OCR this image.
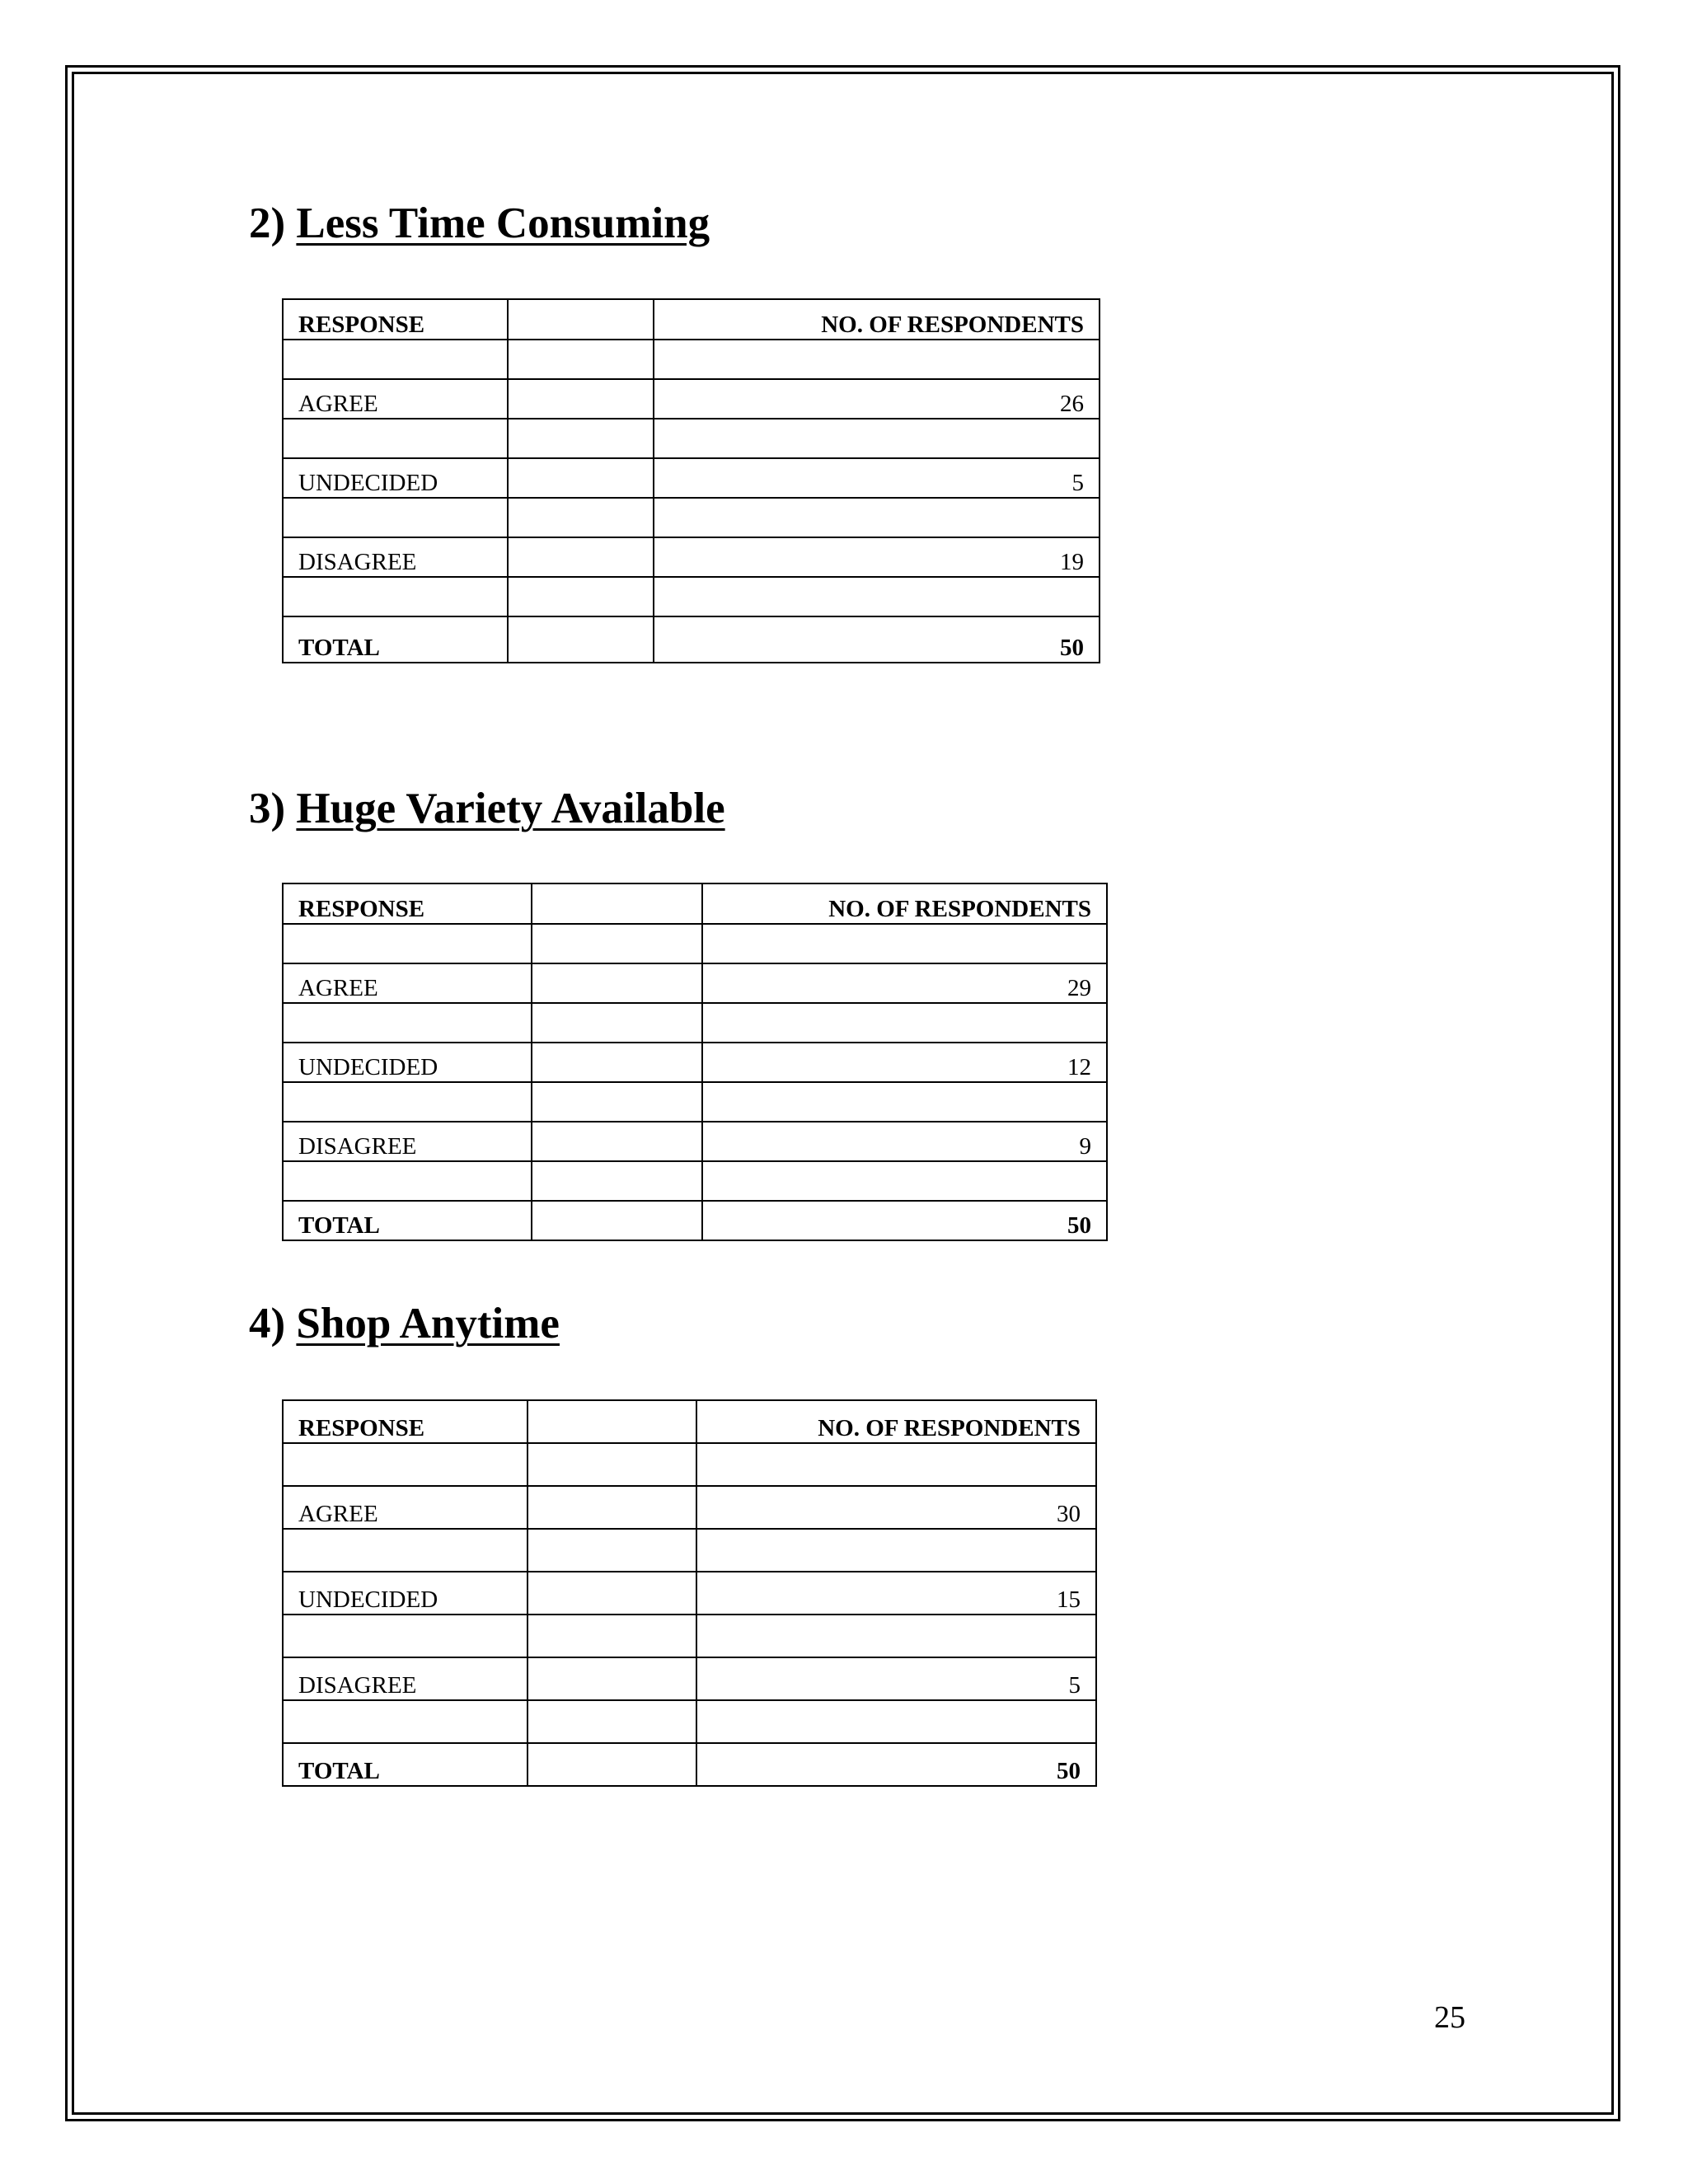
2) Less Time Consuming
RESPONSE		NO. OF RESPONDENTS

AGREE		26

UNDECIDED		5

DISAGREE		19

TOTAL		50
3) Huge Variety Available
RESPONSE		NO. OF RESPONDENTS

AGREE		29

UNDECIDED		12

DISAGREE		9

TOTAL		50
4) Shop Anytime
RESPONSE		NO. OF RESPONDENTS

AGREE		30

UNDECIDED		15

DISAGREE		5

TOTAL		50
25
